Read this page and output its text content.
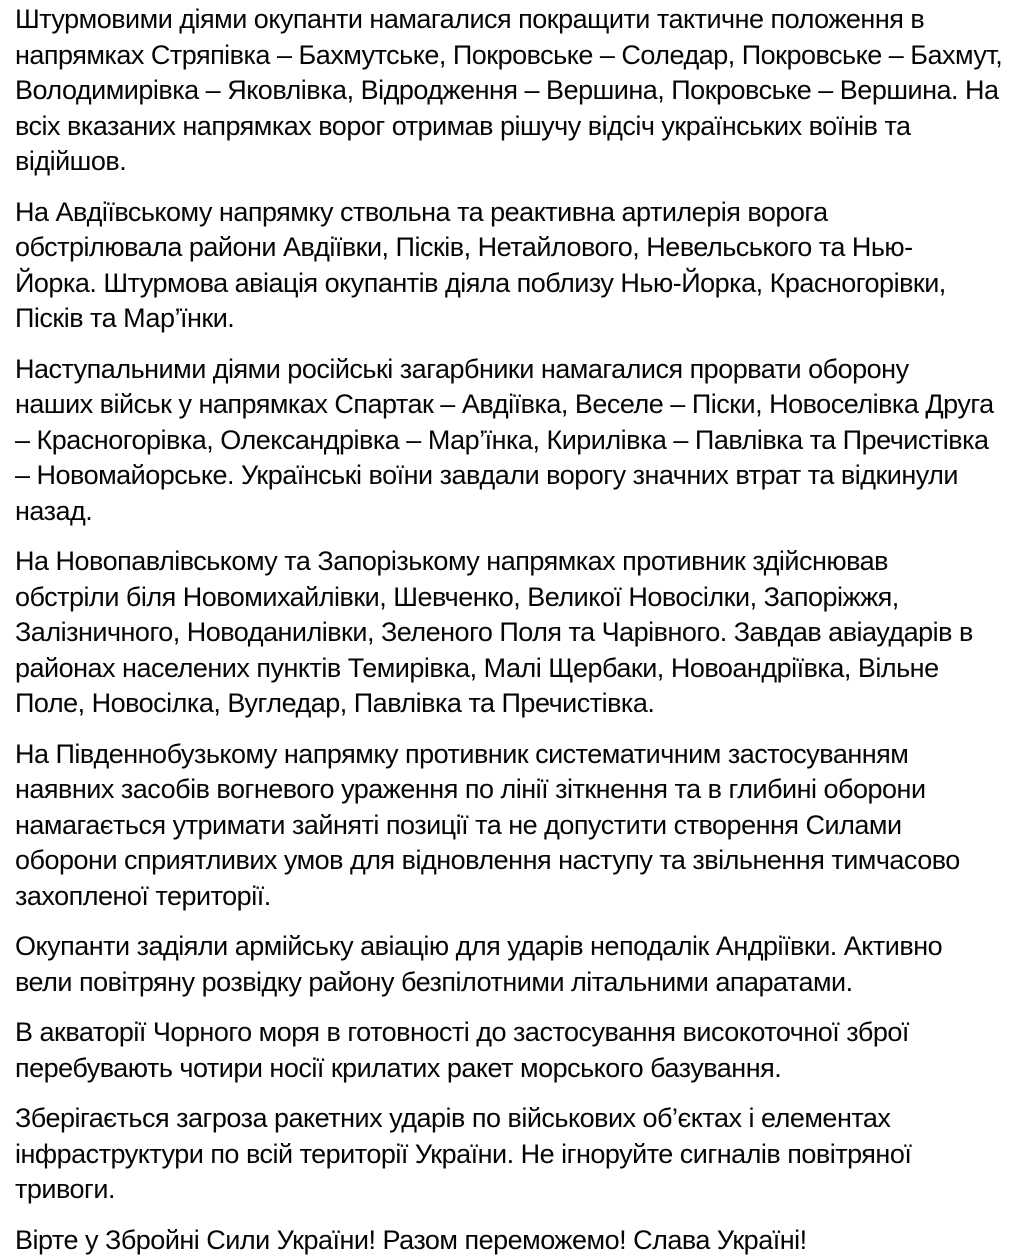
Штурмовими діями окупанти намагалися покращити тактичне положення в
напрямках Стряпівка – Бахмутське, Покровське – Соледар, Покровське – Бахмут,
Володимирівка – Яковлівка, Відродження – Вершина, Покровське – Вершина. На
всіх вказаних напрямках ворог отримав рішучу відсіч українських воїнів та
відійшов.

На Авдіївському напрямку ствольна та реактивна артилерія ворога
обстрілювала райони Авдіївки, Пісків, Нетайлового, Невельського та Нью-
Йорка. Штурмова авіація окупантів діяла поблизу Нью-Йорка, Красногорівки,
Пісків та Мар’їнки.

Наступальними діями російські загарбники намагалися прорвати оборону
наших військ у напрямках Спартак – Авдіївка, Веселе – Піски, Новоселівка Друга
– Красногорівка, Олександрівка – Мар’їнка, Кирилівка – Павлівка та Пречистівка
– Новомайорське. Українські воїни завдали ворогу значних втрат та відкинули
назад.

На Новопавлівському та Запорізькому напрямках противник здійснював
обстріли біля Новомихайлівки, Шевченко, Великої Новосілки, Запоріжжя,
Залізничного, Новоданилівки, Зеленого Поля та Чарівного. Завдав авіаударів в
районах населених пунктів Темирівка, Малі Щербаки, Новоандріївка, Вільне
Поле, Новосілка, Вугледар, Павлівка та Пречистівка.

На Південнобузькому напрямку противник систематичним застосуванням
наявних засобів вогневого ураження по лінії зіткнення та в глибині оборони
намагається утримати зайняті позиції та не допустити створення Силами
оборони сприятливих умов для відновлення наступу та звільнення тимчасово
захопленої території.

Окупанти задіяли армійську авіацію для ударів неподалік Андріївки. Активно
вели повітряну розвідку району безпілотними літальними апаратами.

В акваторії Чорного моря в готовності до застосування високоточної зброї
перебувають чотири носії крилатих ракет морського базування.

Зберігається загроза ракетних ударів по військових об’єктах і елементах
інфраструктури по всій території України. Не ігноруйте сигналів повітряної
тривоги.

Вірте у Збройні Сили України! Разом переможемо! Слава Україні!
